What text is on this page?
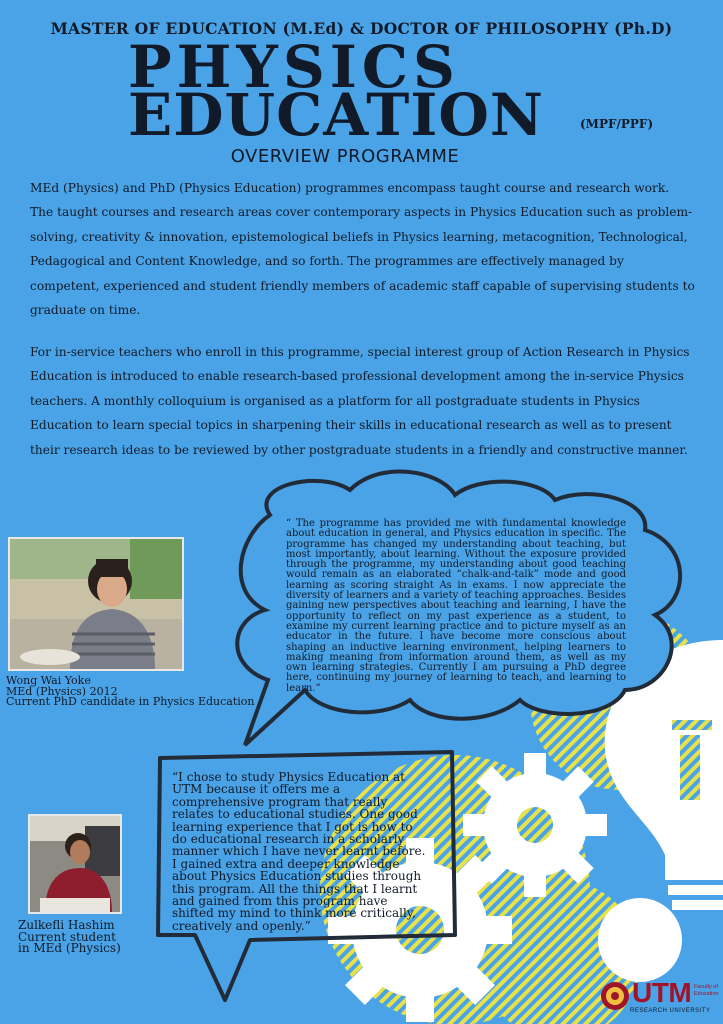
MASTER OF EDUCATION (M.Ed) & DOCTOR OF PHILOSOPHY (Ph.D)
PHYSICS
EDUCATION	(MPF/PPF)
OVERVIEW PROGRAMME

MEd (Physics) and PhD (Physics Education) programmes encompass taught course and research work. The taught courses and research areas cover contemporary aspects in Physics Education such as problem-solving, creativity & innovation, epistemological beliefs in Physics learning, metacognition, Technological, Pedagogical and Content Knowledge, and so forth. The programmes are effectively managed by competent, experienced and student friendly members of academic staff capable of supervising students to graduate on time.

For in-service teachers who enroll in this programme, special interest group of Action Research in Physics Education is introduced to enable research-based professional development among the in-service Physics teachers. A monthly colloquium is organised as a platform for all postgraduate students in Physics Education to learn special topics in sharpening their skills in educational research as well as to present their research ideas to be reviewed by other postgraduate students in a friendly and constructive manner.

“ The programme has provided me with fundamental knowledge about education in general, and Physics education in specific. The programme has changed my understanding about teaching, but most importantly, about learning. Without the exposure provided through the programme, my understanding about good teaching would remain as an elaborated “chalk-and-talk” mode and good learning as scoring straight As in exams. I now appreciate the diversity of learners and a variety of teaching approaches. Besides gaining new perspectives about teaching and learning, I have the opportunity to reflect on my past experience as a student, to examine my current learning practice and to picture myself as an educator in the future. I have become more conscious about shaping an inductive learning environment, helping learners to making meaning from information around them, as well as my own learning strategies. Currently I am pursuing a PhD degree here, continuing my journey of learning to teach, and learning to learn.”
Wong Wai Yoke
MEd (Physics) 2012
Current PhD candidate in Physics Education
“I chose to study Physics Education at UTM because it offers me a comprehensive program that really relates to educational studies. One good learning experience that I got is how to do educational research in a scholarly manner which I have never learnt before. I gained extra and deeper knowledge about Physics Education studies through this program. All the things that I learnt and gained from this program have shifted my mind to think more critically, creatively and openly.”
Zulkefli Hashim
Current student
in MEd (Physics)
UTM Faculty of Education
RESEARCH UNIVERSITY
